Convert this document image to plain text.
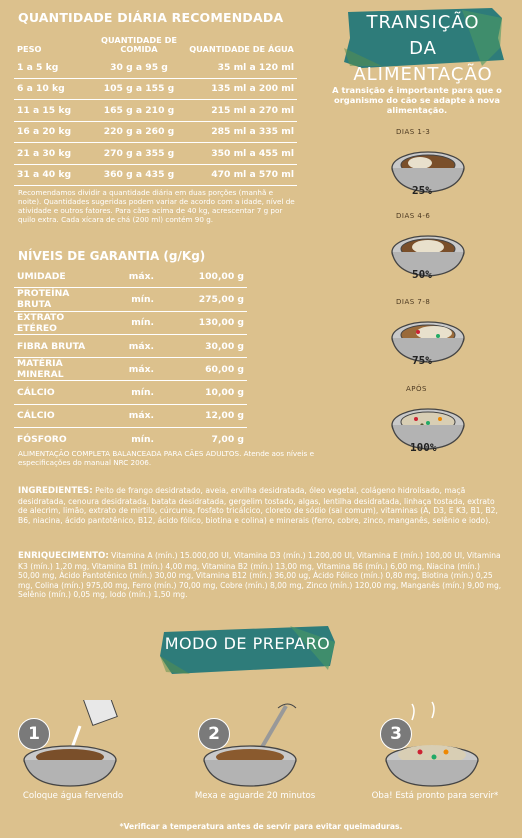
QUANTIDADE DIÁRIA RECOMENDADA
PESO	QUANTIDADE DE COMIDA	QUANTIDADE DE ÁGUA
1 a 5 kg	30 g a 95 g	35 ml a 120 ml
6 a 10 kg	105 g a 155 g	135 ml a 200 ml
11 a 15 kg	165 g a 210 g	215 ml a 270 ml
16 a 20 kg	220 g a 260 g	285 ml a 335 ml
21 a 30 kg	270 g a 355 g	350 ml a 455 ml
31 a 40 kg	360 g a 435 g	470 ml a 570 ml
Recomendamos dividir a quantidade diária em duas porções (manhã e noite). Quantidades sugeridas podem variar de acordo com a idade, nível de atividade e outros fatores. Para cães acima de 40 kg, acrescentar 7 g por quilo extra. Cada xícara de chá (200 ml) contém 90 g.
NÍVEIS DE GARANTIA (g/Kg)
UMIDADE	máx.	100,00 g
PROTEÍNA BRUTA	mín.	275,00 g
EXTRATO ETÉREO	mín.	130,00 g
FIBRA BRUTA	máx.	30,00 g
MATÉRIA MINERAL	máx.	60,00 g
CÁLCIO	mín.	10,00 g
CÁLCIO	máx.	12,00 g
FÓSFORO	mín.	7,00 g
ALIMENTAÇÃO COMPLETA BALANCEADA PARA CÃES ADULTOS. Atende aos níveis e especificações do manual NRC 2006.
INGREDIENTES: Peito de frango desidratado, aveia, ervilha desidratada, óleo vegetal, colágeno hidrolisado, maçã desidratada, cenoura desidratada, batata desidratada, gergelim tostado, algas, lentilha desidratada, linhaça tostada, extrato de alecrim, limão, extrato de mirtilo, cúrcuma, fosfato tricálcico, cloreto de sódio (sal comum), vitaminas (A, D3, E K3, B1, B2, B6, niacina, ácido pantotênico, B12, ácido fólico, biotina e colina) e minerais (ferro, cobre, zinco, manganês, selênio e iodo).
ENRIQUECIMENTO: Vitamina A (mín.) 15.000,00 UI, Vitamina D3 (mín.) 1.200,00 UI, Vitamina E (mín.) 100,00 UI, Vitamina K3 (mín.) 1,20 mg, Vitamina B1 (mín.) 4,00 mg, Vitamina B2 (mín.) 13,00 mg, Vitamina B6 (mín.) 6,00 mg, Niacina (mín.) 50,00 mg, Ácido Pantotênico (mín.) 30,00 mg, Vitamina B12 (mín.) 36,00 ug, Ácido Fólico (mín.) 0,80 mg, Biotina (mín.) 0,25 mg, Colina (mín.) 975,00 mg, Ferro (mín.) 70,00 mg, Cobre (mín.) 8,00 mg, Zinco (mín.) 120,00 mg, Manganês (mín.) 9,00 mg, Selênio (mín.) 0,05 mg, Iodo (mín.) 1,50 mg.
TRANSIÇÃO
DA ALIMENTAÇÃO
A transição é importante para que o organismo do cão se adapte à nova alimentação.
DIAS 1-3
25%
DIAS 4-6
50%
DIAS 7-8
75%
APÓS
100%
MODO DE PREPARO
1	2	3
Coloque água fervendo	Mexa e aguarde 20 minutos	Oba! Está pronto para servir*
*Verificar a temperatura antes de servir para evitar queimaduras.
